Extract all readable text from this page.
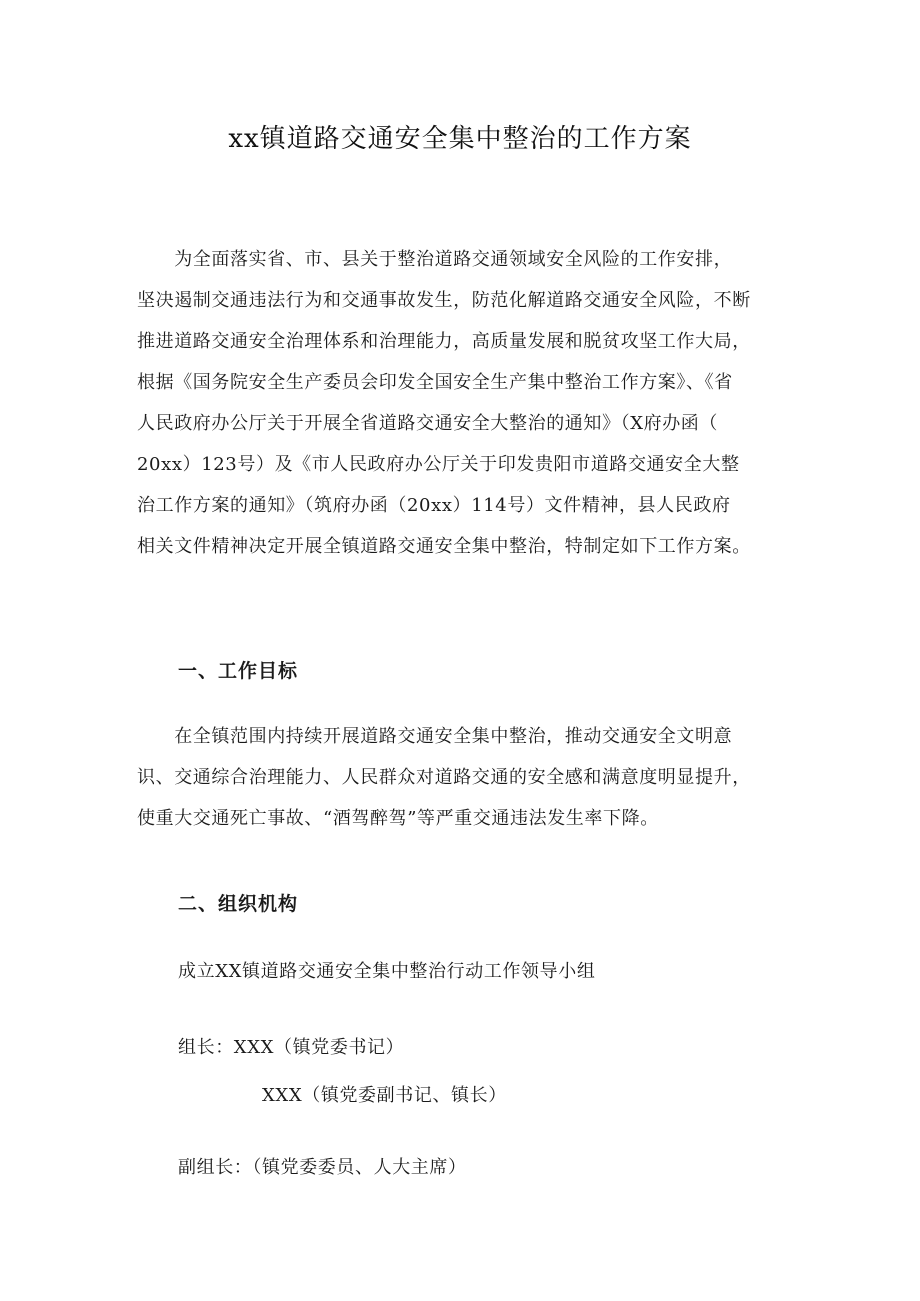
xx镇道路交通安全集中整治的工作方案
　　为全面落实省、市、县关于整治道路交通领域安全风险的工作安排，
坚决遏制交通违法行为和交通事故发生，防范化解道路交通安全风险，不断
推进道路交通安全治理体系和治理能力，高质量发展和脱贫攻坚工作大局，
根据《国务院安全生产委员会印发全国安全生产集中整治工作方案》、《省
人民政府办公厅关于开展全省道路交通安全大整治的通知》（X府办函（
20xx）123号）及《市人民政府办公厅关于印发贵阳市道路交通安全大整
治工作方案的通知》（筑府办函（20xx）114号）文件精神，县人民政府
相关文件精神决定开展全镇道路交通安全集中整治，特制定如下工作方案。
一、工作目标
　　在全镇范围内持续开展道路交通安全集中整治，推动交通安全文明意
识、交通综合治理能力、人民群众对道路交通的安全感和满意度明显提升，
使重大交通死亡事故、“酒驾醉驾”等严重交通违法发生率下降。
二、组织机构

成立XX镇道路交通安全集中整治行动工作领导小组

组长：XXX（镇党委书记）

XXX（镇党委副书记、镇长）

副组长：（镇党委委员、人大主席）
